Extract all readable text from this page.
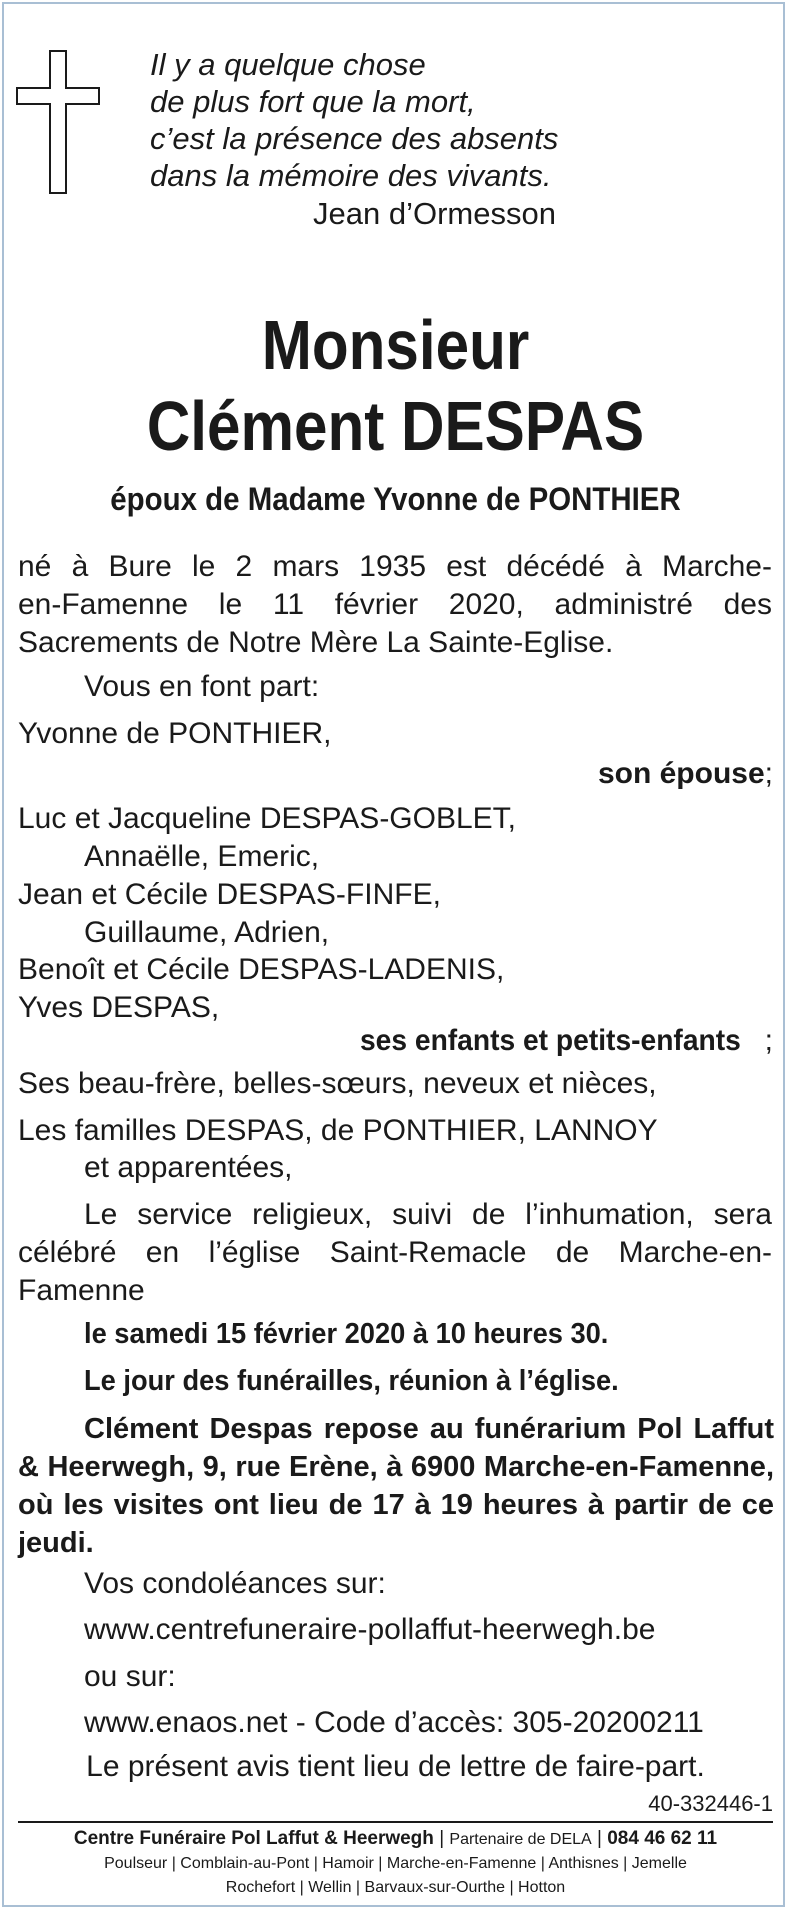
Il y a quelque chose
de plus fort que la mort,
c’est la présence des absents
dans la mémoire des vivants.
Jean d’Ormesson
Monsieur
Clément DESPAS
époux de Madame Yvonne de PONTHIER
né à Bure le 2 mars 1935 est décédé à Marche-
en-Famenne le 11 février 2020, administré des
Sacrements de Notre Mère La Sainte-Eglise.
Vous en font part:
Yvonne de PONTHIER,
son épouse;
Luc et Jacqueline DESPAS-GOBLET,
Annaëlle, Emeric,
Jean et Cécile DESPAS-FINFE,
Guillaume, Adrien,
Benoît et Cécile DESPAS-LADENIS,
Yves DESPAS,
ses enfants et petits-enfants ;
Ses beau-frère, belles-sœurs, neveux et nièces,
Les familles DESPAS, de PONTHIER, LANNOY
et apparentées,
Le service religieux, suivi de l’inhumation, sera
célébré en l’église Saint-Remacle de Marche-en-
Famenne
le samedi 15 février 2020 à 10 heures 30.
Le jour des funérailles, réunion à l’église.
Clément Despas repose au funérarium Pol Laffut
& Heerwegh, 9, rue Erène, à 6900 Marche-en-Famenne,
où les visites ont lieu de 17 à 19 heures à partir de ce
jeudi.
Vos condoléances sur:
www.centrefuneraire-pollaffut-heerwegh.be
ou sur:
www.enaos.net - Code d’accès: 305-20200211
Le présent avis tient lieu de lettre de faire-part.
40-332446-1
Centre Funéraire Pol Laffut & Heerwegh | Partenaire de DELA | 084 46 62 11
Poulseur | Comblain-au-Pont | Hamoir | Marche-en-Famenne | Anthisnes | Jemelle
Rochefort | Wellin | Barvaux-sur-Ourthe | Hotton
